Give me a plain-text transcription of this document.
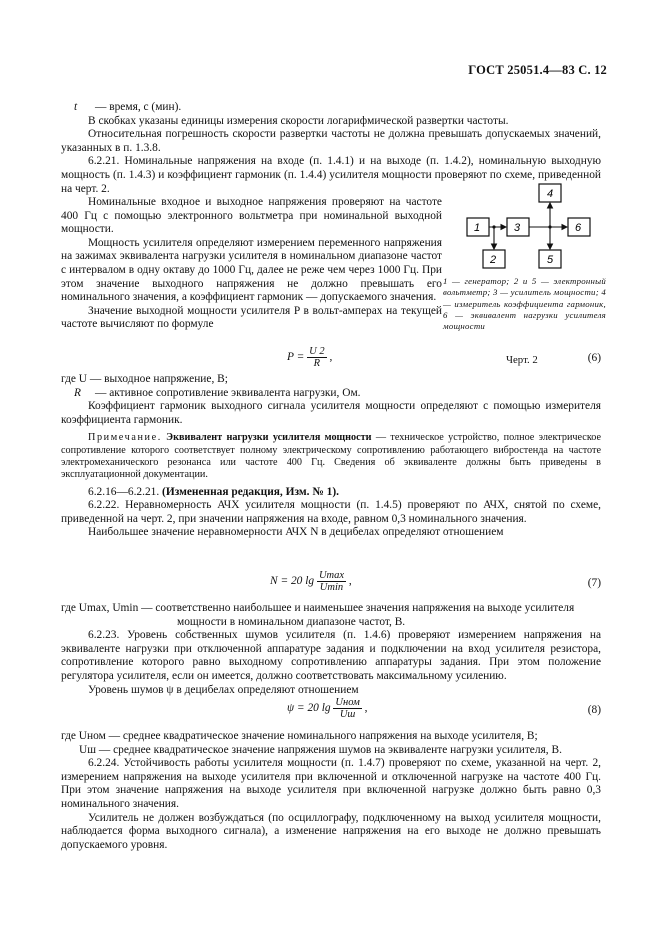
ГОСТ 25051.4—83 С. 12
t — время, с (мин).

В скобках указаны единицы измерения скорости логарифмической развертки частоты.

Относительная погрешность скорости развертки частоты не должна превышать допускаемых значений, указанных в п. 1.3.8.

6.2.21. Номинальные напряжения на входе (п. 1.4.1) и на выходе (п. 1.4.2), номинальную выходную мощность (п. 1.4.3) и коэффициент гармоник (п. 1.4.4) усилителя мощности проверяют по схеме, приведенной на черт. 2.

Номинальные входное и выходное напряжения проверяют на частоте 400 Гц с помощью электронного вольтметра при номинальной выходной мощности.

Мощность усилителя определяют измерением переменного напряжения на зажимах эквивалента нагрузки усилителя в номинальном диапазоне частот с интервалом в одну октаву до 1000 Гц, далее не реже чем через 1000 Гц. При этом значение выходного напряжения не должно превышать его номинального значения, а коэффициент гармоник — допускаемого значения.

Значение выходной мощности усилителя P в вольт-амперах на текущей частоте вычисляют по формуле

1	3
4
5
2
6
1 — генератор; 2 и 5 — электронный вольтметр; 3 — усилитель мощности; 4 — измеритель коэффициента гармоник, 6 — эквивалент нагрузки усилителя мощности
Черт. 2
$P = \frac{U 2}{R}$ ,	(6)
где U — выходное напряжение, В;
R — активное сопротивление эквивалента нагрузки, Ом.

Коэффициент гармоник выходного сигнала усилителя мощности определяют с помощью измерителя коэффициента гармоник.

Примечание. Эквивалент нагрузки усилителя мощности — техническое устройство, полное электрическое сопротивление которого соответствует полному электрическому сопротивлению работающего вибростенда на частоте электромеханического резонанса или частоте 400 Гц. Сведения об эквиваленте должны быть приведены в эксплуатационной документации.

6.2.16—6.2.21. (Измененная редакция, Изм. № 1).

6.2.22. Неравномерность АЧХ усилителя мощности (п. 1.4.5) проверяют по АЧХ, снятой по схеме, приведенной на черт. 2, при значении напряжения на входе, равном 0,3 номинального значения.

Наибольшее значение неравномерности АЧХ N в децибелах определяют отношением

N = 20 $\lg \frac{Umax}{Umin}$ ,	(7)
где Umax, Umin — соответственно наибольшее и наименьшее значения напряжения на выходе усилителя
мощности в номинальном диапазоне частот, В.

6.2.23. Уровень собственных шумов усилителя (п. 1.4.6) проверяют измерением напряжения на эквиваленте нагрузки при отключенной аппаратуре задания и подключении на вход усилителя резистора, сопротивление которого равно выходному сопротивлению аппаратуры задания. При этом положение регулятора усилителя, если он имеется, должно соответствовать максимальному усилению.

Уровень шумов ψ в децибелах определяют отношением

ψ = 20 $\lg \frac{\text{Uном}}{Uш}$ ,	(8)
где Uном — среднее квадратическое значение номинального напряжения на выходе усилителя, В;
Uш — среднее квадратическое значение напряжения шумов на эквиваленте нагрузки усилителя, В.

6.2.24. Устойчивость работы усилителя мощности (п. 1.4.7) проверяют по схеме, указанной на черт. 2, измерением напряжения на выходе усилителя при включенной и отключенной нагрузке на частоте 400 Гц. При этом значение напряжения на выходе усилителя при включенной нагрузке должно быть равно 0,3 номинального значения.

Усилитель не должен возбуждаться (по осциллографу, подключенному на выход усилителя мощности, наблюдается форма выходного сигнала), а изменение напряжения на его выходе не должно превышать допускаемого уровня.
